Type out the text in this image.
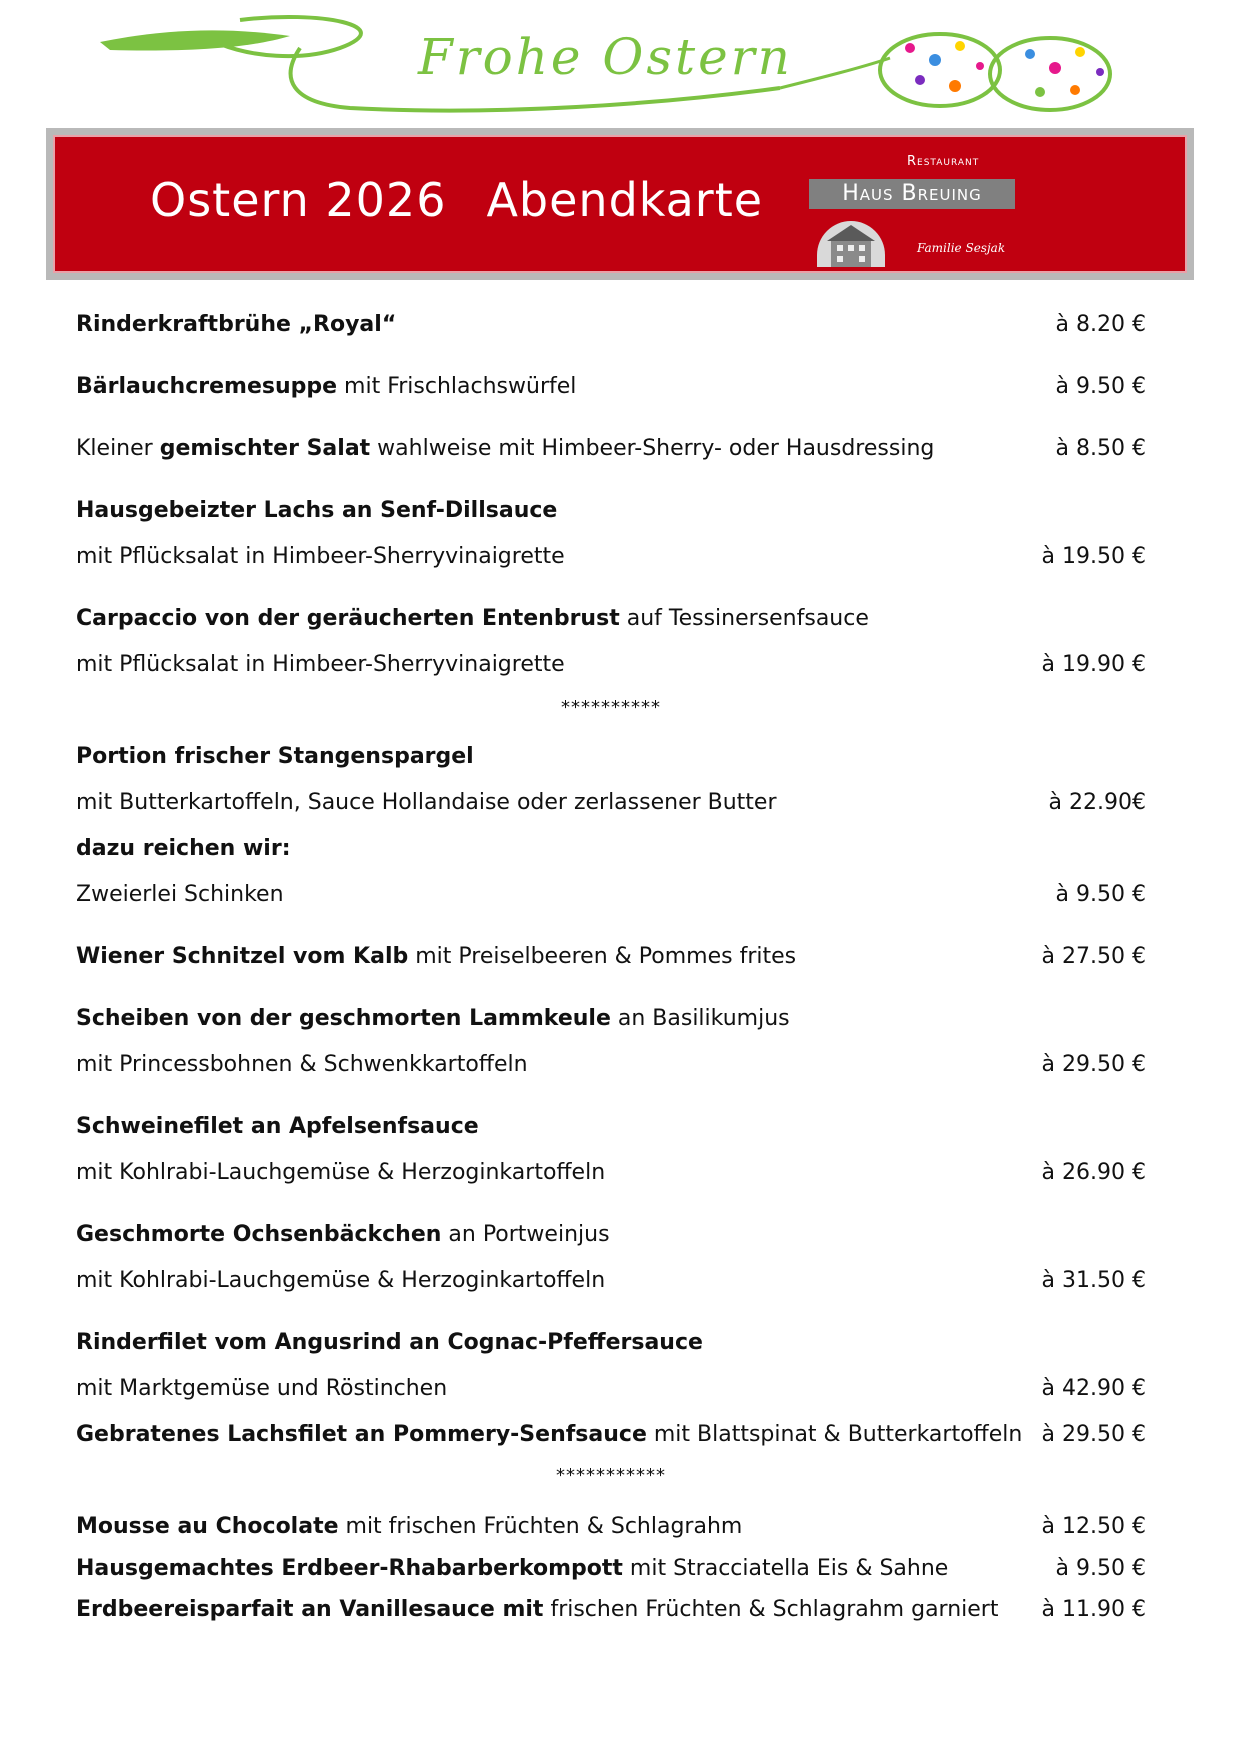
Frohe Ostern
Ostern 2026 Abendkarte
Restaurant
Haus Breuing
Familie Sesjak
Rinderkraftbrühe „Royal“	à 8.20 €
Bärlauchcremesuppe mit Frischlachswürfel	à 9.50 €
Kleiner gemischter Salat wahlweise mit Himbeer-Sherry- oder Hausdressing	à 8.50 €
Hausgebeizter Lachs an Senf-Dillsauce
mit Pflücksalat in Himbeer-Sherryvinaigrette	à 19.50 €
Carpaccio von der geräucherten Entenbrust auf Tessinersenfsauce
mit Pflücksalat in Himbeer-Sherryvinaigrette	à 19.90 €
**********
Portion frischer Stangenspargel
mit Butterkartoffeln, Sauce Hollandaise oder zerlassener Butter	à 22.90€
dazu reichen wir:
Zweierlei Schinken	à 9.50 €
Wiener Schnitzel vom Kalb mit Preiselbeeren & Pommes frites	à 27.50 €
Scheiben von der geschmorten Lammkeule an Basilikumjus
mit Princessbohnen & Schwenkkartoffeln	à 29.50 €
Schweinefilet an Apfelsenfsauce
mit Kohlrabi-Lauchgemüse & Herzoginkartoffeln	à 26.90 €
Geschmorte Ochsenbäckchen an Portweinjus
mit Kohlrabi-Lauchgemüse & Herzoginkartoffeln	à 31.50 €
Rinderfilet vom Angusrind an Cognac-Pfeffersauce
mit Marktgemüse und Röstinchen	à 42.90 €
Gebratenes Lachsfilet an Pommery-Senfsauce mit Blattspinat & Butterkartoffeln à 29.50 €
***********
Mousse au Chocolate mit frischen Früchten & Schlagrahm	à 12.50 €
Hausgemachtes Erdbeer-Rhabarberkompott mit Stracciatella Eis & Sahne	à 9.50 €
Erdbeereisparfait an Vanillesauce mit frischen Früchten & Schlagrahm garniert à 11.90 €
